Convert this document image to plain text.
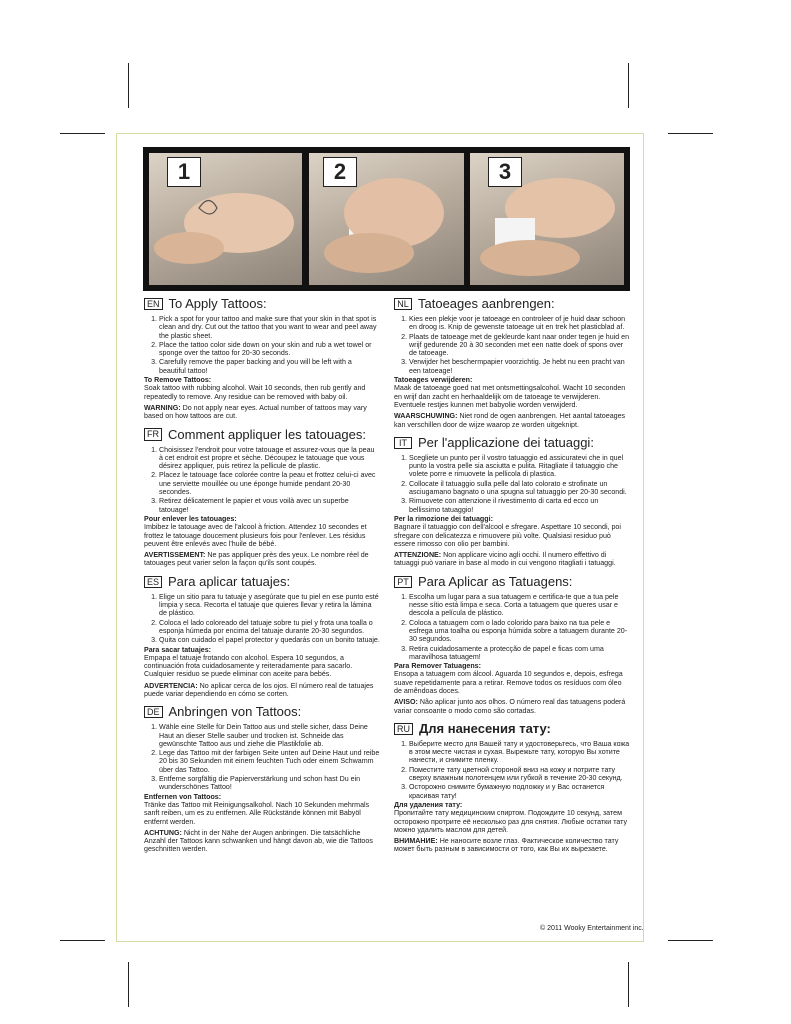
1	2	3
EN To Apply Tattoos:
1. Pick a spot for your tattoo and make sure that your skin in that spot is clean and dry. Cut out the tattoo that you want to wear and peel away the plastic sheet.
2. Place the tattoo color side down on your skin and rub a wet towel or sponge over the tattoo for 20-30 seconds.
3. Carefully remove the paper backing and you will be left with a beautiful tattoo!
To Remove Tattoos:
Soak tattoo with rubbing alcohol. Wait 10 seconds, then rub gently and repeatedly to remove. Any residue can be removed with baby oil.
WARNING: Do not apply near eyes. Actual number of tattoos may vary based on how tattoos are cut.
FR Comment appliquer les tatouages:
1. Choisissez l'endroit pour votre tatouage et assurez-vous que la peau à cet endroit est propre et sèche. Découpez le tatouage que vous désirez appliquer, puis retirez la pellicule de plastic.
2. Placez le tatouage face colorée contre la peau et frottez celui-ci avec une serviette mouillée ou une éponge humide pendant 20-30 secondes.
3. Retirez délicatement le papier et vous voilà avec un superbe tatouage!
Pour enlever les tatouages:
Imbibez le tatouage avec de l'alcool à friction. Attendez 10 secondes et frottez le tatouage doucement plusieurs fois pour l'enlever. Les résidus peuvent être enlevés avec l'huile de bébé.
AVERTISSEMENT: Ne pas appliquer près des yeux. Le nombre réel de tatouages peut varier selon la façon qu'ils sont coupés.
ES Para aplicar tatuajes:
1. Elige un sitio para tu tatuaje y asegúrate que tu piel en ese punto esté limpia y seca. Recorta el tatuaje que quieres llevar y retira la lámina de plástico.
2. Coloca el lado coloreado del tatuaje sobre tu piel y frota una toalla o esponja húmeda por encima del tatuaje durante 20-30 segundos.
3. Quita con cuidado el papel protector y quedarás con un bonito tatuaje.
Para sacar tatuajes:
Empapa el tatuaje frotando con alcohol. Espera 10 segundos, a continuación frota cuidadosamente y reiteradamente para sacarlo. Cualquier residuo se puede eliminar con aceite para bebés.
ADVERTENCIA: No aplicar cerca de los ojos. El número real de tatuajes puede variar dependiendo en cómo se corten.
DE Anbringen von Tattoos:
1. Wähle eine Stelle für Dein Tattoo aus und stelle sicher, dass Deine Haut an dieser Stelle sauber und trocken ist. Schneide das gewünschte Tattoo aus und ziehe die Plastikfolie ab.
2. Lege das Tattoo mit der farbigen Seite unten auf Deine Haut und reibe 20 bis 30 Sekunden mit einem feuchten Tuch oder einem Schwamm über das Tattoo.
3. Entferne sorgfältig die Papierverstärkung und schon hast Du ein wunderschönes Tattoo!
Entfernen von Tattoos:
Tränke das Tattoo mit Reinigungsalkohol. Nach 10 Sekunden mehrmals sanft reiben, um es zu entfernen. Alle Rückstände können mit Babyöl entfernt werden.
ACHTUNG: Nicht in der Nähe der Augen anbringen. Die tatsächliche Anzahl der Tattoos kann schwanken und hängt davon ab, wie die Tattoos geschnitten werden.
NL Tatoeages aanbrengen:
1. Kies een plekje voor je tatoeage en controleer of je huid daar schoon en droog is. Knip de gewenste tatoeage uit en trek het plasticblad af.
2. Plaats de tatoeage met de gekleurde kant naar onder tegen je huid en wrijf gedurende 20 à 30 seconden met een natte doek of spons over de tatoeage.
3. Verwijder het beschermpapier voorzichtig. Je hebt nu een pracht van een tatoeage!
Tatoeages verwijderen:
Maak de tatoeage goed nat met ontsmettingsalcohol. Wacht 10 seconden en wrijf dan zacht en herhaaldelijk om de tatoeage te verwijderen. Eventuele restjes kunnen met babyolie worden verwijderd.
WAARSCHUWING: Niet rond de ogen aanbrengen. Het aantal tatoeages kan verschillen door de wijze waarop ze worden uitgeknipt.
IT Per l'applicazione dei tatuaggi:
1. Scegliete un punto per il vostro tatuaggio ed assicuratevi che in quel punto la vostra pelle sia asciutta e pulita. Ritagliate il tatuaggio che volete porre e rimuovete la pellicola di plastica.
2. Collocate il tatuaggio sulla pelle dal lato colorato e strofinate un asciugamano bagnato o una spugna sul tatuaggio per 20-30 secondi.
3. Rimuovete con attenzione il rivestimento di carta ed ecco un bellissimo tatuaggio!
Per la rimozione dei tatuaggi:
Bagnare il tatuaggio con dell'alcool e sfregare. Aspettare 10 secondi, poi sfregare con delicatezza e rimuovere più volte. Qualsiasi residuo può essere rimosso con olio per bambini.
ATTENZIONE: Non applicare vicino agli occhi. Il numero effettivo di tatuaggi può variare in base al modo in cui vengono ritagliati i tatuaggi.
PT Para Aplicar as Tatuagens:
1. Escolha um lugar para a sua tatuagem e certifica-te que a tua pele nesse sítio está limpa e seca. Corta a tatuagem que queres usar e descola a película de plástico.
2. Coloca a tatuagem com o lado colorido para baixo na tua pele e esfrega uma toalha ou esponja húmida sobre a tatuagem durante 20-30 segundos.
3. Retira cuidadosamente a protecção de papel e ficas com uma maravilhosa tatuagem!
Para Remover Tatuagens:
Ensopa a tatuagem com álcool. Aguarda 10 segundos e, depois, esfrega suave repetidamente para a retirar. Remove todos os resíduos com óleo de amêndoas doces.
AVISO: Não aplicar junto aos olhos. O número real das tatuagens poderá variar consoante o modo como são cortadas.
RU Для нанесения тату:
1. Выберите место для Вашей тату и удостоверьтесь, что Ваша кожа в этом месте чистая и сухая. Вырежьте тату, которую Вы хотите нанести, и снимите пленку.
2. Поместите тату цветной стороной вниз на кожу и потрите тату сверху влажным полотенцем или губкой в течение 20-30 секунд.
3. Осторожно снимите бумажную подложку и у Вас останется красивая тату!
Для удаления тату:
Пропитайте тату медицинским спиртом. Подождите 10 секунд, затем осторожно протрите её несколько раз для снятия. Любые остатки тату можно удалить маслом для детей.
ВНИМАНИЕ: Не наносите возле глаз. Фактическое количество тату может быть разным в зависимости от того, как Вы их вырезаете.
© 2011 Wooky Entertainment inc.
